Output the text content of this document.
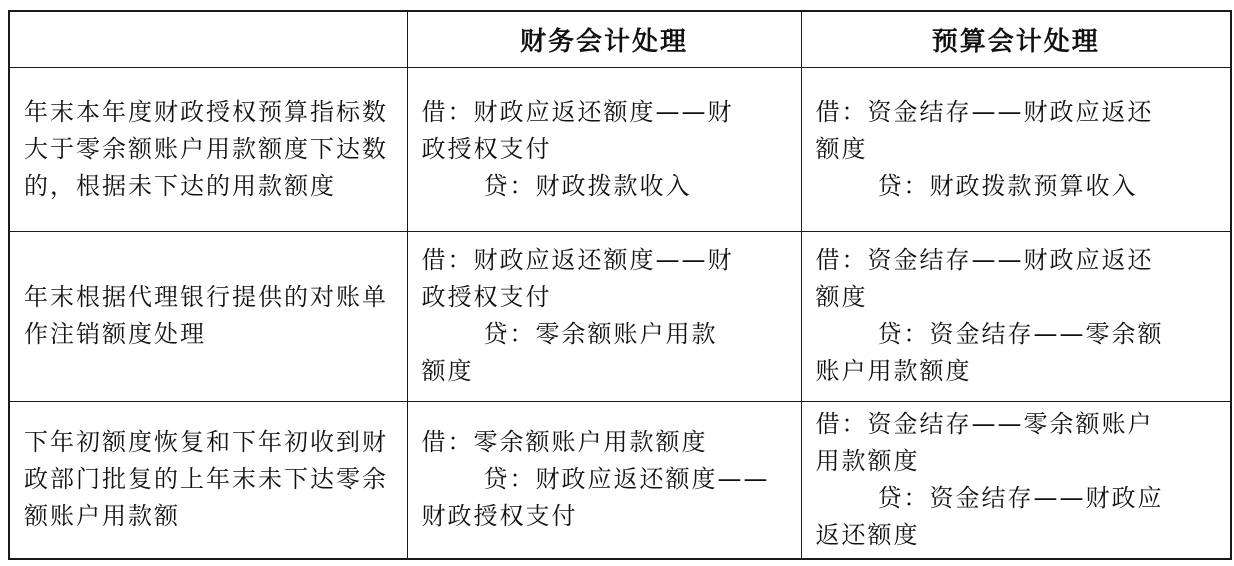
	财务会计处理	预算会计处理
年末本年度财政授权预算指标数大于零余额账户用款额度下达数的，根据未下达的用款额度	借：财政应返还额度——财
政授权支付
贷：财政拨款收入	借：资金结存——财政应返还
额度
贷：财政拨款预算收入

年末根据代理银行提供的对账单作注销额度处理	借：财政应返还额度——财
政授权支付
贷：零余额账户用款
额度	借：资金结存——财政应返还
额度
贷：资金结存——零余额
账户用款额度

下年初额度恢复和下年初收到财政部门批复的上年末未下达零余额账户用款额	借：零余额账户用款额度
贷：财政应返还额度——
财政授权支付	借：资金结存——零余额账户
用款额度
贷：资金结存——财政应
返还额度
